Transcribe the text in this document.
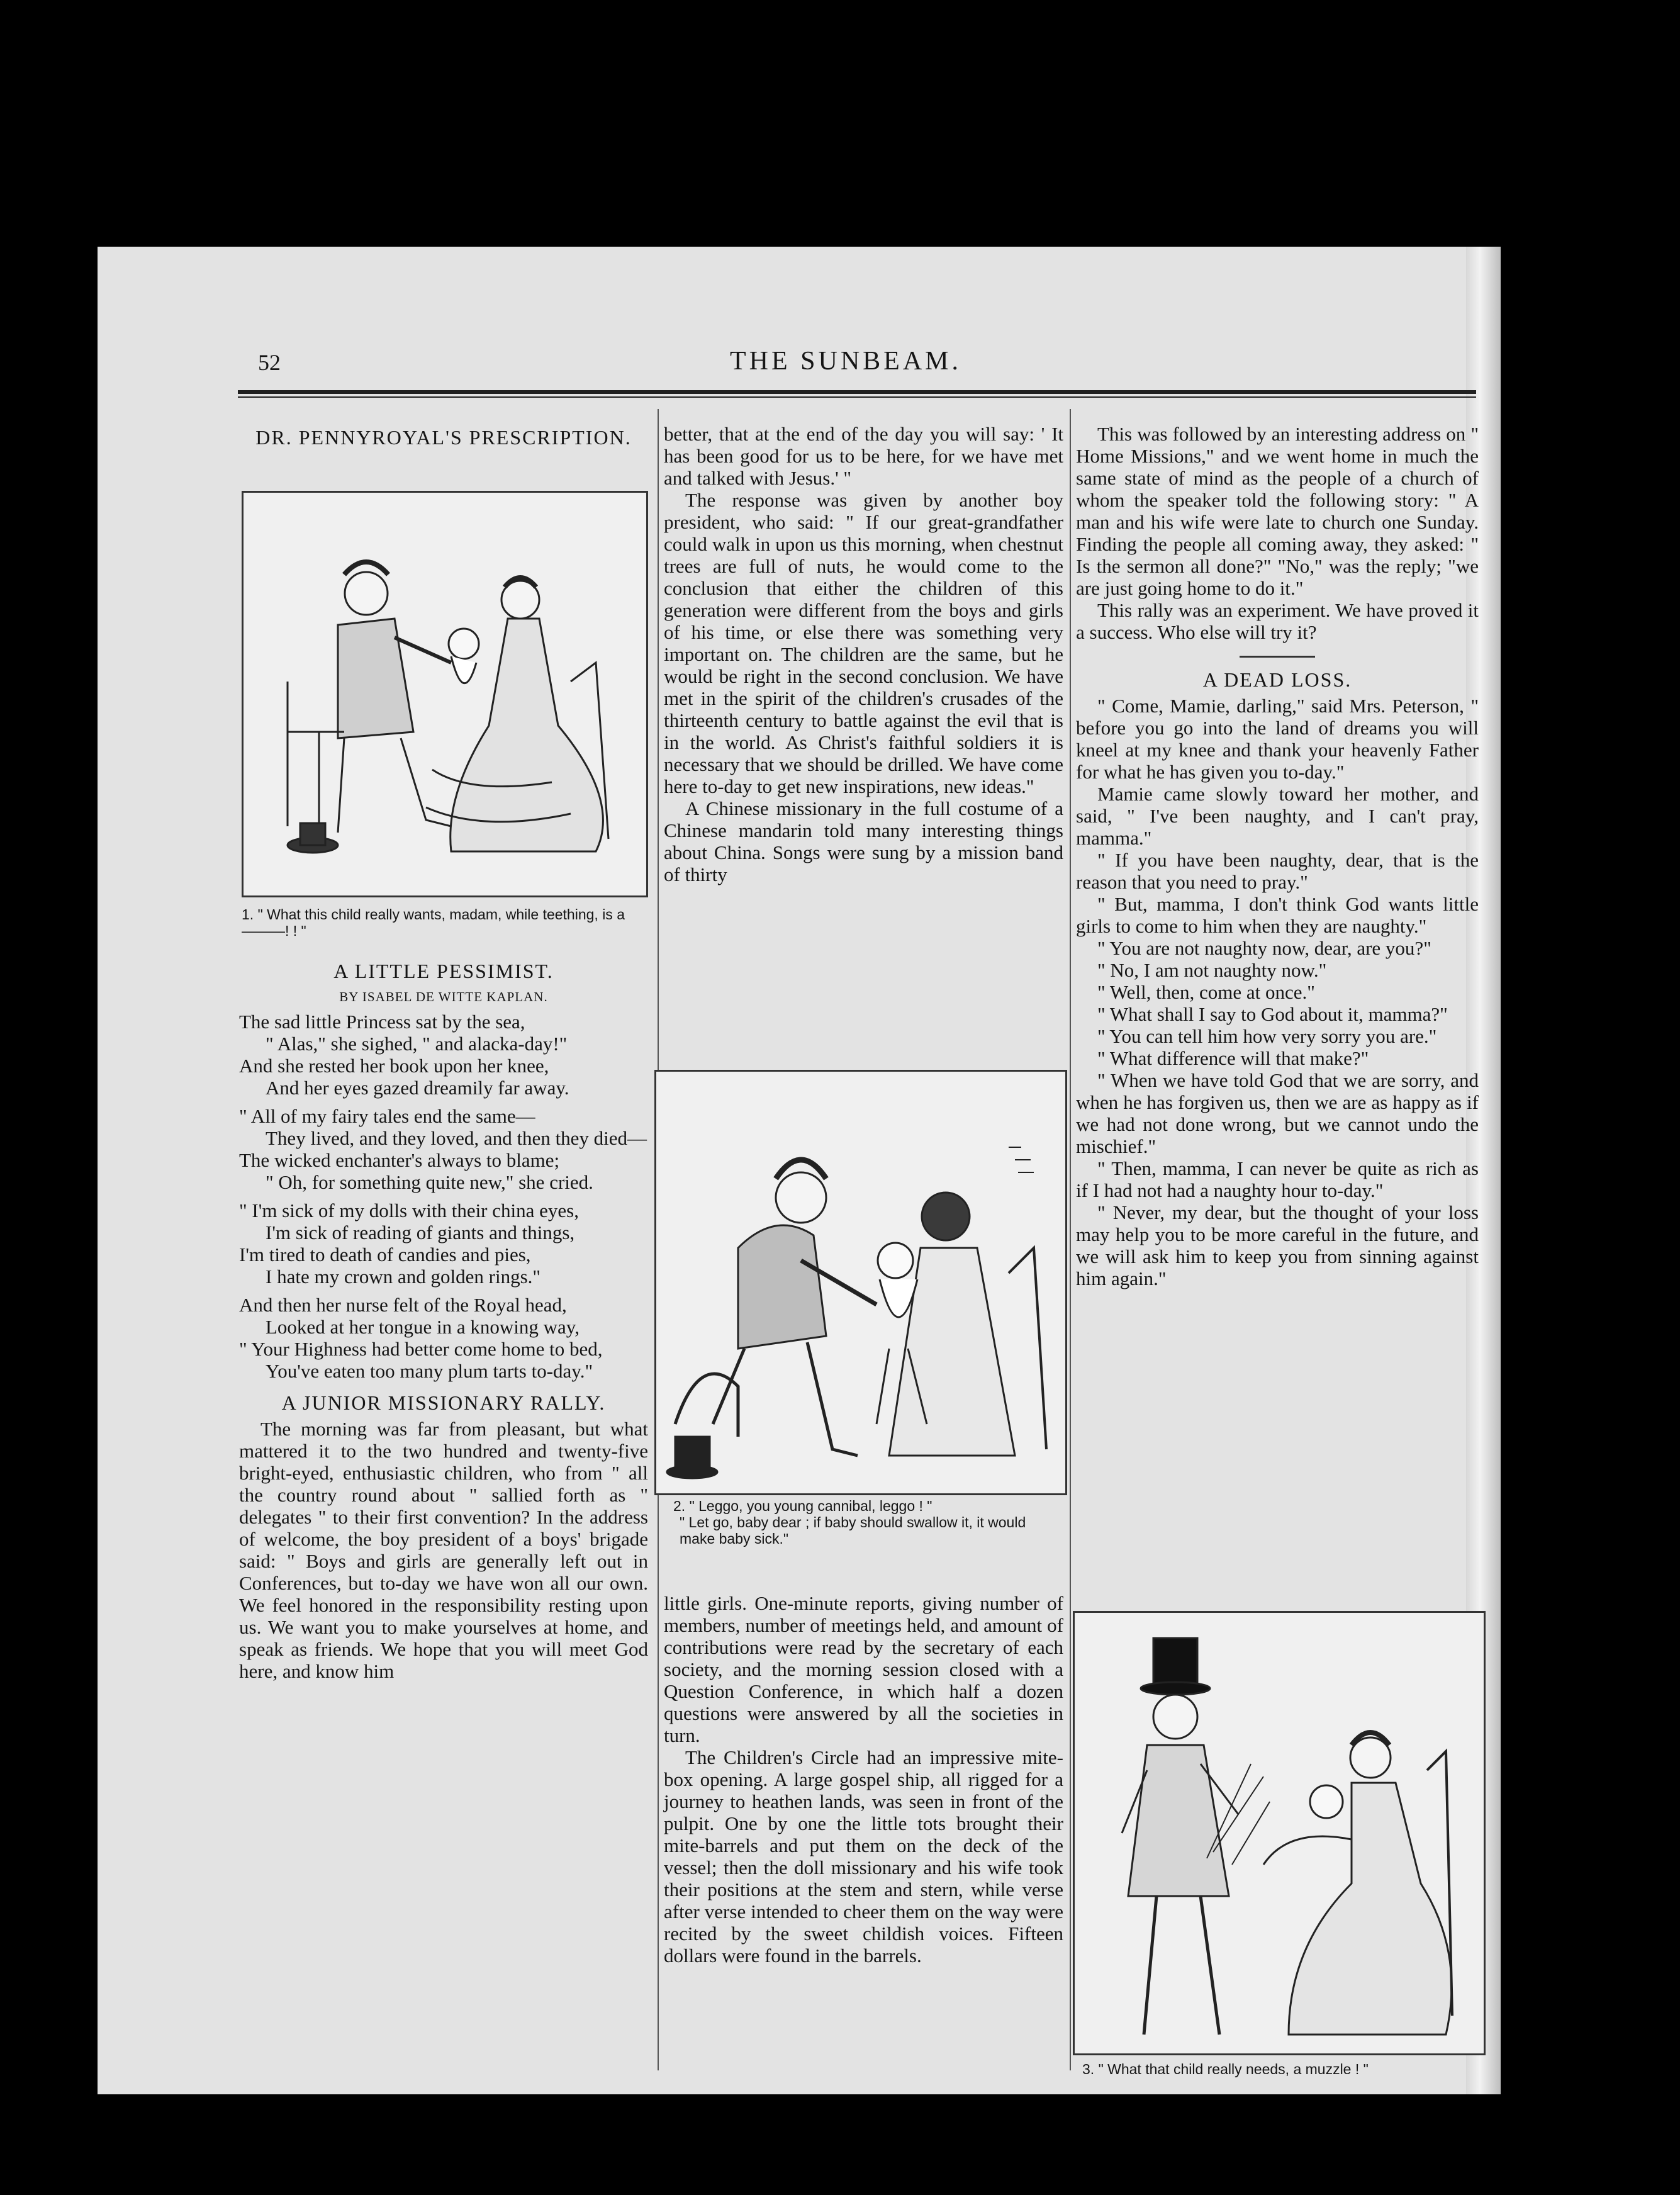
52	THE SUNBEAM.
DR. PENNYROYAL'S PRESCRIPTION.
1. " What this child really wants, madam, while teething, is a———! ! "
A LITTLE PESSIMIST.
BY ISABEL DE WITTE KAPLAN.

The sad little Princess sat by the sea,

" Alas," she sighed, " and alacka-day!"

And she rested her book upon her knee,

And her eyes gazed dreamily far away.

" All of my fairy tales end the same—

They lived, and they loved, and then they died—

The wicked enchanter's always to blame;

" Oh, for something quite new," she cried.

" I'm sick of my dolls with their china eyes,

I'm sick of reading of giants and things,

I'm tired to death of candies and pies,

I hate my crown and golden rings."

And then her nurse felt of the Royal head,

Looked at her tongue in a knowing way,

" Your Highness had better come home to bed,

You've eaten too many plum tarts to-day."

A JUNIOR MISSIONARY RALLY.

The morning was far from pleasant, but what mattered it to the two hundred and twenty-five bright-eyed, enthusiastic children, who from " all the country round about " sallied forth as " delegates " to their first convention? In the address of welcome, the boy president of a boys' brigade said: " Boys and girls are generally left out in Conferences, but to-day we have won all our own. We feel honored in the responsibility resting upon us. We want you to make yourselves at home, and speak as friends. We hope that you will meet God here, and know him

better, that at the end of the day you will say: ' It has been good for us to be here, for we have met and talked with Jesus.' "

The response was given by another boy president, who said: " If our great-grandfather could walk in upon us this morning, when chestnut trees are full of nuts, he would come to the conclusion that either the children of this generation were different from the boys and girls of his time, or else there was something very important on. The children are the same, but he would be right in the second conclusion. We have met in the spirit of the children's crusades of the thirteenth century to battle against the evil that is in the world. As Christ's faithful soldiers it is necessary that we should be drilled. We have come here to-day to get new inspirations, new ideas."

A Chinese missionary in the full costume of a Chinese mandarin told many interesting things about China. Songs were sung by a mission band of thirty

2. " Leggo, you young cannibal, leggo ! "
" Let go, baby dear ; if baby should swallow it, it would make baby sick."

little girls. One-minute reports, giving number of members, number of meetings held, and amount of contributions were read by the secretary of each society, and the morning session closed with a Question Conference, in which half a dozen questions were answered by all the societies in turn.

The Children's Circle had an impressive mite-box opening. A large gospel ship, all rigged for a journey to heathen lands, was seen in front of the pulpit. One by one the little tots brought their mite-barrels and put them on the deck of the vessel; then the doll missionary and his wife took their positions at the stem and stern, while verse after verse intended to cheer them on the way were recited by the sweet childish voices. Fifteen dollars were found in the barrels.

This was followed by an interesting address on " Home Missions," and we went home in much the same state of mind as the people of a church of whom the speaker told the following story: " A man and his wife were late to church one Sunday. Finding the people all coming away, they asked: " Is the sermon all done?" "No," was the reply; "we are just going home to do it."

This rally was an experiment. We have proved it a success. Who else will try it?

A DEAD LOSS.

" Come, Mamie, darling," said Mrs. Peterson, " before you go into the land of dreams you will kneel at my knee and thank your heavenly Father for what he has given you to-day."

Mamie came slowly toward her mother, and said, " I've been naughty, and I can't pray, mamma."

" If you have been naughty, dear, that is the reason that you need to pray."

" But, mamma, I don't think God wants little girls to come to him when they are naughty."

" You are not naughty now, dear, are you?"

" No, I am not naughty now."

" Well, then, come at once."

" What shall I say to God about it, mamma?"

" You can tell him how very sorry you are."

" What difference will that make?"

" When we have told God that we are sorry, and when he has forgiven us, then we are as happy as if we had not done wrong, but we cannot undo the mischief."

" Then, mamma, I can never be quite as rich as if I had not had a naughty hour to-day."

" Never, my dear, but the thought of your loss may help you to be more careful in the future, and we will ask him to keep you from sinning against him again."

3. " What that child really needs, a muzzle ! "
